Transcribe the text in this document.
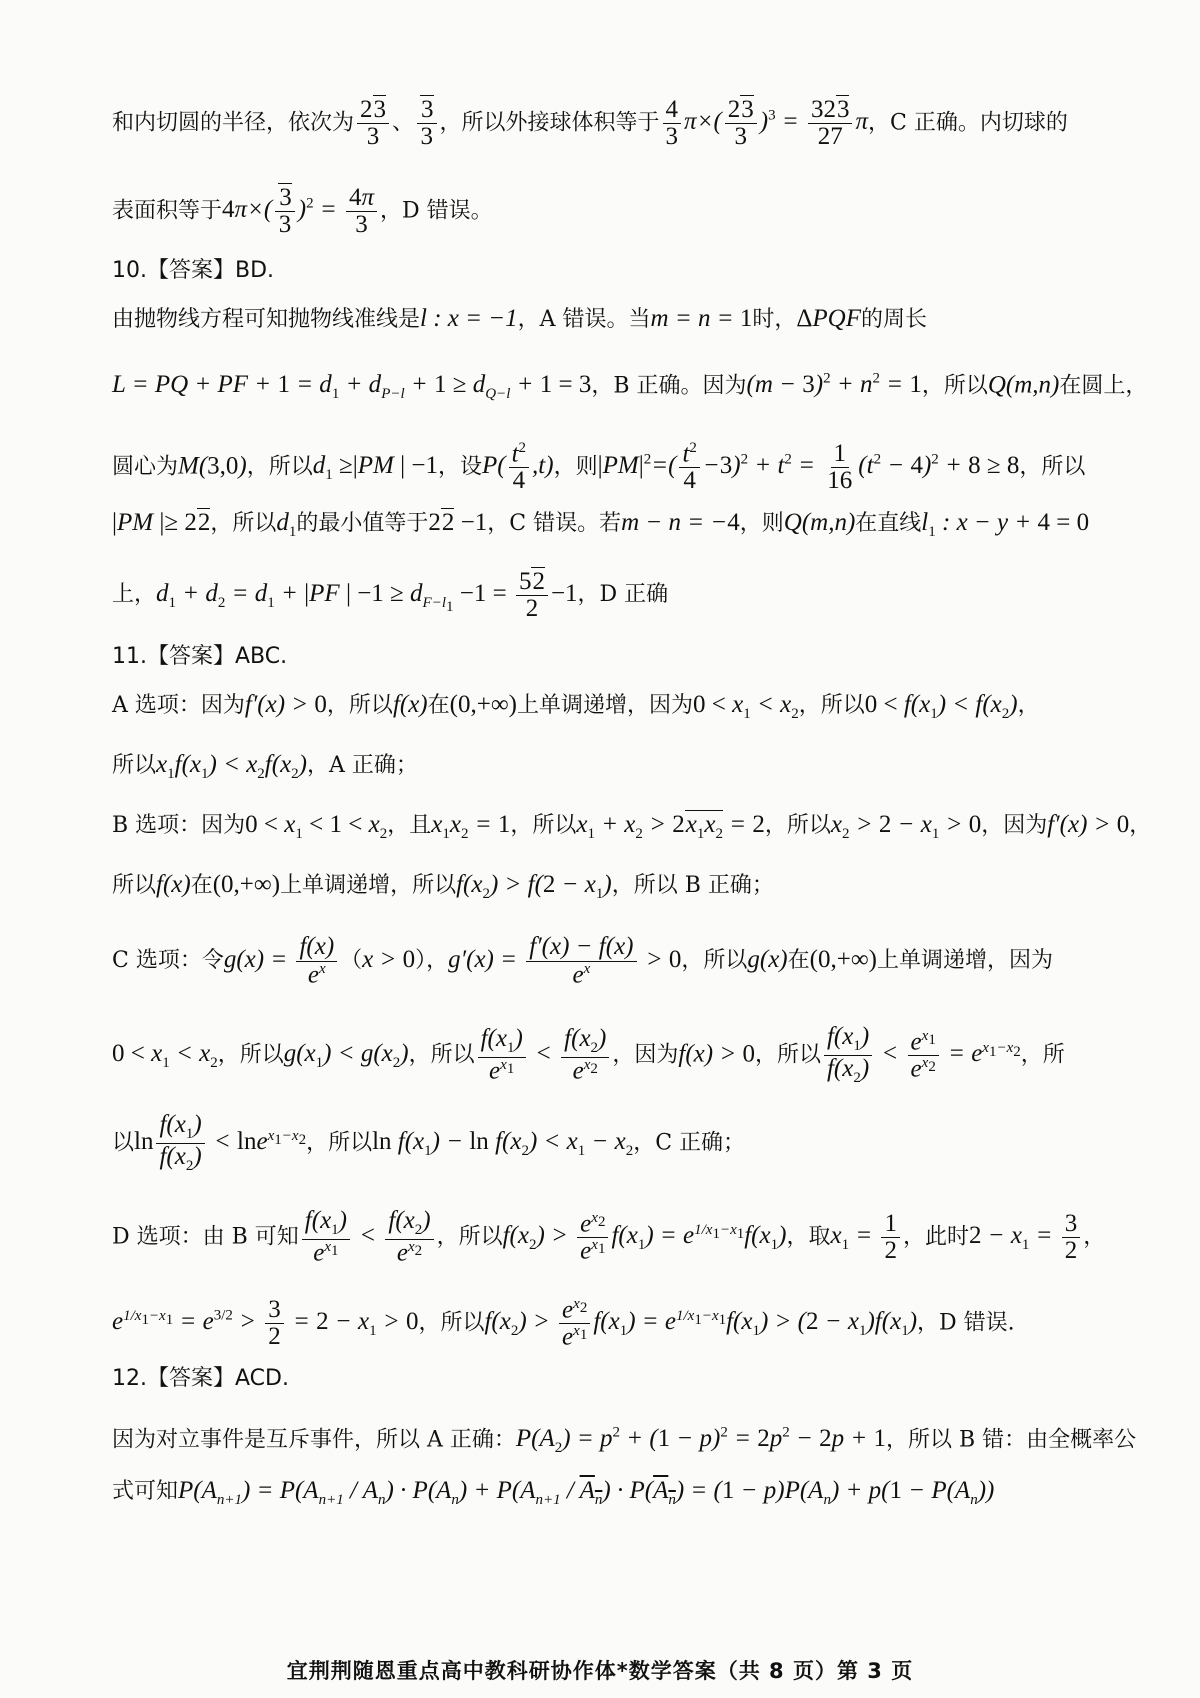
和内切圆的半径，依次为 $\frac{23}{3}$ 、 $\frac{3}{3}$ ，所以外接球体积等于 $\frac{4}{3} \pi\times( \frac{23}{3} )^3 = \frac{323}{27}$ π，C 正确。内切球的
表面积等于$4\pi\times( \frac{3}{3} )^2 = \frac{4\pi}{3}$ ，D 错误。
10.【答案】BD.
由抛物线方程可知抛物线准线是l : x = −1，A 错误。当m = n = 1时，ΔPQF的周长
L = PQ + PF + $1 = d_1 + d_{P-l} + 1 \ge d_{Q-l} + 1 = 3$，B 正确。因为$(m - 3)^2 + n^2 = 1$，所以Q(m,n)在圆上，
圆心为M(3,0)，所以$d_1 \ge|PM$ | −1，设$P( \frac{t^2}{4} ,t)$，则$|PM|^2=( \frac{t^2}{4} -3)^2 + t^2 = \frac{1}{16} (t^2 - 4)^2 + 8 \ge 8$，所以
|PM |≥ 22，所以$d_1$的最小值等于22 −1，C 错误。若m − n = −4，则Q(m,n)在直线$l_1$ : x − y + 4 = 0
上，$d_1 + d_2 = d_1 + |PF$ | $-1 \ge d_{F-l_1} -1 = \frac{52}{2} -1$，D 正确
11.【答案】ABC.
A 选项：因为f′(x) > 0，所以f(x)在(0,+∞)上单调递增，因为$0 < x_1 < x_2$，所以$0 < f(x_1) < f(x_2)$，
所以$x_1f(x_1) < x_2f(x_2)$，A 正确；
B 选项：因为$0 < x_1 < 1 < x_2$，且$x_1x_2 = 1$，所以$x_1 + x_2 > 2x_1x_2 = 2$，所以$x_2 > 2 - x_1 > 0$，因为f′(x) > 0，
所以f(x)在(0,+∞)上单调递增，所以$f(x_2) > f(2 - x_1)$，所以 B 正确；
C 选项：令$g(x) = \frac{f(x)}{e^x} (x > 0)$，$g'(x) = \frac{f'(x) - f(x)}{e^x} > 0$，所以g(x)在(0,+∞)上单调递增，因为
$0 < x_1 < x_2$，所以$g(x_1) < g(x_2)$，所以 $\frac{f(x_1)}{e^{x_1}} < \frac{f(x_2)}{e^{x_2}}$ ，因为f(x) > 0，所以 $\frac{f(x_1)}{f(x_2)} < \frac{e^{x_1}}{e^{x_2}} = e^{x_1-x_2}$，所
以$\ln \frac{f(x_1)}{f(x_2)} < \ln e^{x_1-x_2}$，所以$\ln f(x_1) - \ln f(x_2) < x_1 - x_2$，C 正确；
D 选项：由 B 可知 $\frac{f(x_1)}{e^{x_1}} < \frac{f(x_2)}{e^{x_2}}$ ，所以$f(x_2) > \frac{e^{x_2}}{e^{x_1}} f(x_1) = e^{1/x_1-x_1}f(x_1)$，取$x_1 = \frac{1}{2}$ ，此时$2 - x_1 = \frac{3}{2}$ ，
$e^{1/x_1-x_1} = e^{3/2} > \frac{3}{2} = 2 - x_1 > 0$，所以$f(x_2) > \frac{e^{x_2}}{e^{x_1}} f(x_1) = e^{1/x_1-x_1}f(x_1) > (2 - x_1)f(x_1)$，D 错误.
12.【答案】ACD.
因为对立事件是互斥事件，所以 A 正确：$P(A_2) = p^2 + (1 - p)^2 = 2p^2 - 2p + 1$，所以 B 错：由全概率公
式可知$P(A_{n+1}) = P(A_{n+1} / A_n) \cdot P(A_n) + P(A_{n+1} / A_n) \cdot P(A_n) = (1 - p)P(A_n) + p(1 - P(A_n))$
宜荆荆随恩重点高中教科研协作体*数学答案（共 8 页）第 3 页
